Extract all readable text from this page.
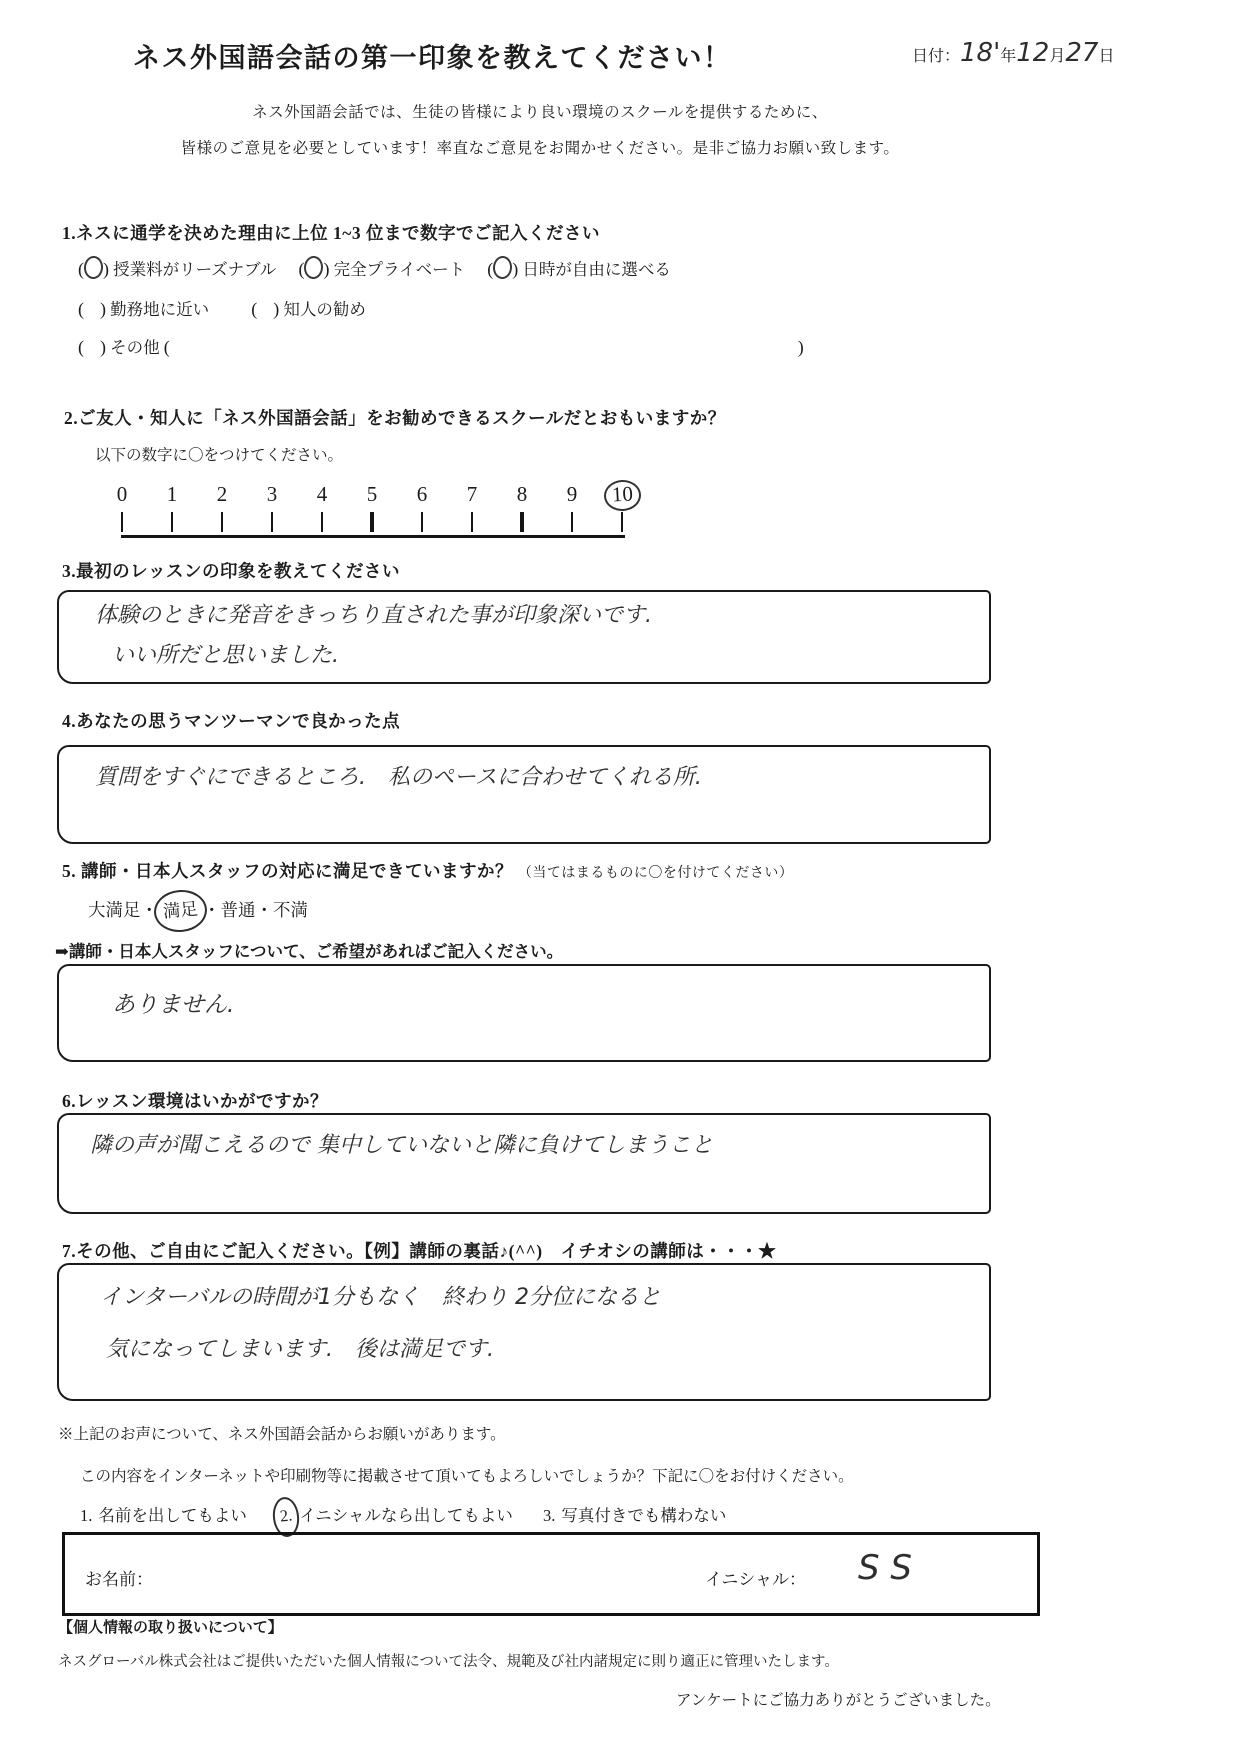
ネス外国語会話の第一印象を教えてください！	日付：18'年12月27日
ネス外国語会話では、生徒の皆様により良い環境のスクールを提供するために、
皆様のご意見を必要としています！率直なご意見をお聞かせください。是非ご協力お願い致します。
1.ネスに通学を決めた理由に上位 1~3 位まで数字でご記入ください
( ) 授業料がリーズナブル ( ) 完全プライベート ( ) 日時が自由に選べる
( ) 勤務地に近い ( ) 知人の勧め
( ) その他 (	)
2.ご友人・知人に「ネス外国語会話」をお勧めできるスクールだとおもいますか？
以下の数字に〇をつけてください。
0	1	2	3	4	5	6	7	8	9	10
3.最初のレッスンの印象を教えてください
体験のときに発音をきっちり直された事が印象深いです.
いい所だと思いました.
4.あなたの思うマンツーマンで良かった点
質問をすぐにできるところ.　私のペースに合わせてくれる所.
5. 講師・日本人スタッフの対応に満足できていますか？ （当てはまるものに〇を付けてください）
大満足・ 満足 ・普通・不満
➡講師・日本人スタッフについて、ご希望があればご記入ください。
ありません.
6.レッスン環境はいかがですか？
隣の声が聞こえるので 集中していないと隣に負けてしまうこと
7.その他、ご自由にご記入ください。【例】講師の裏話♪(^^)　イチオシの講師は・・・★
インターバルの時間が1分もなく　終わり 2分位になると
気になってしまいます.　後は満足です.
※上記のお声について、ネス外国語会話からお願いがあります。
この内容をインターネットや印刷物等に掲載させて頂いてもよろしいでしょうか？下記に〇をお付けください。
1. 名前を出してもよい 2. イニシャルなら出してもよい 3. 写真付きでも構わない
お名前：	イニシャル： SS
【個人情報の取り扱いについて】
ネスグローバル株式会社はご提供いただいた個人情報について法令、規範及び社内諸規定に則り適正に管理いたします。
アンケートにご協力ありがとうございました。
